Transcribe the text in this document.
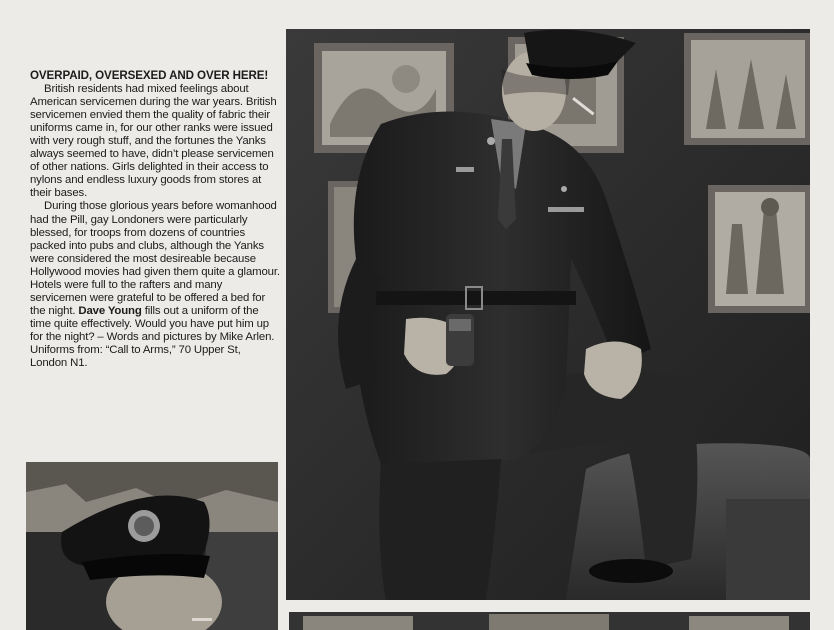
OVERPAID, OVERSEXED AND OVER HERE!

British residents had mixed feelings about American servicemen during the war years. British servicemen envied them the quality of fabric their uniforms came in, for our other ranks were issued with very rough stuff, and the fortunes the Yanks always seemed to have, didn’t please servicemen of other nations. Girls delighted in their access to nylons and endless luxury goods from stores at their bases.

During those glorious years before womanhood had the Pill, gay Londoners were particularly blessed, for troops from dozens of countries packed into pubs and clubs, although the Yanks were considered the most desireable because Hollywood movies had given them quite a glamour. Hotels were full to the rafters and many servicemen were grateful to be offered a bed for the night. Dave Young fills out a uniform of the time quite effectively. Would you have put him up for the night? – Words and pictures by Mike Arlen.

Uniforms from: “Call to Arms,” 70 Upper St, London N1.
